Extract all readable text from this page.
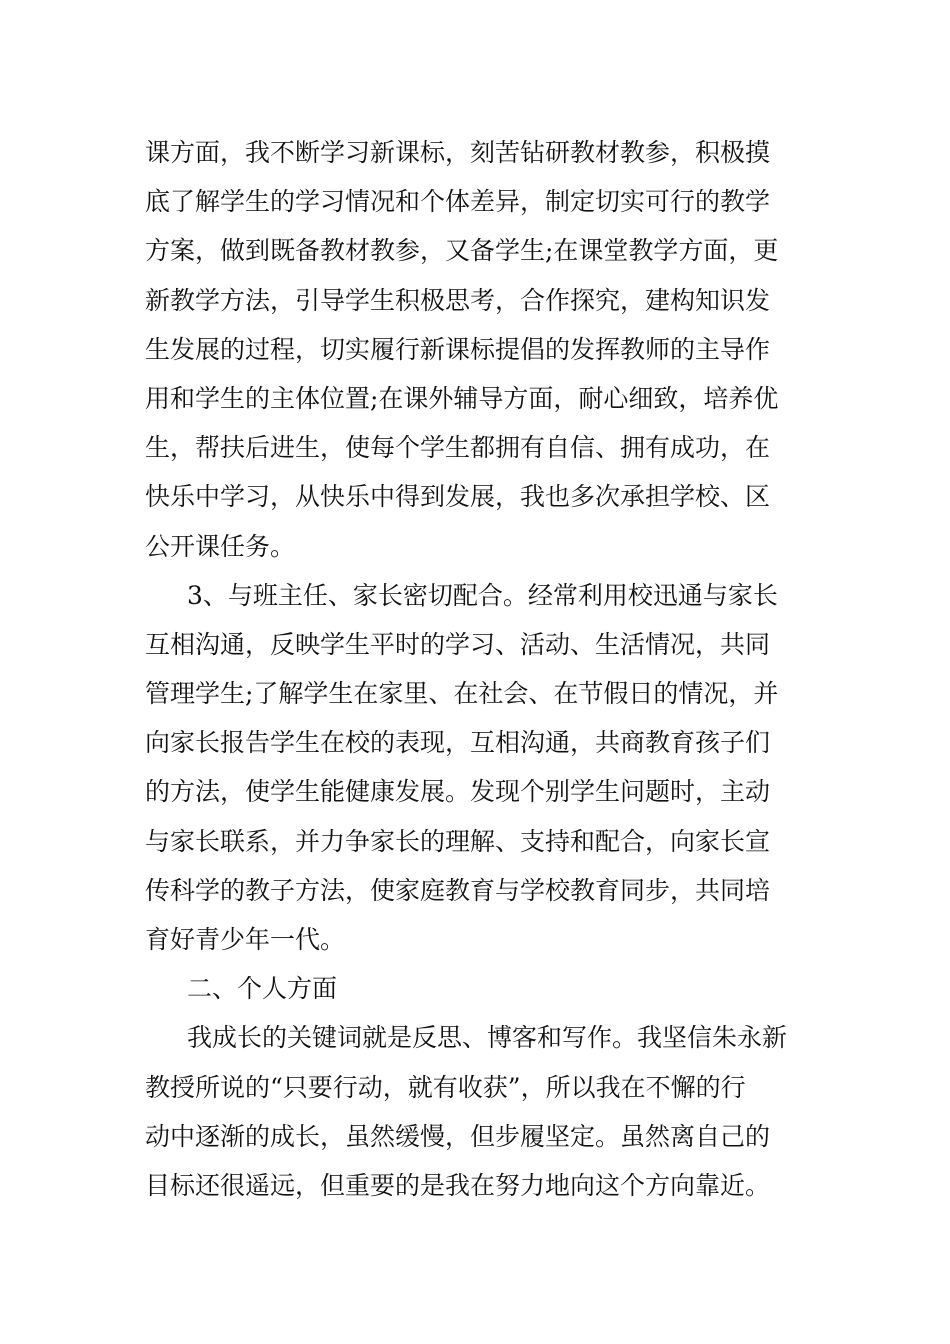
课方面，我不断学习新课标，刻苦钻研教材教参，积极摸
底了解学生的学习情况和个体差异，制定切实可行的教学
方案，做到既备教材教参，又备学生;在课堂教学方面，更
新教学方法，引导学生积极思考，合作探究，建构知识发
生发展的过程，切实履行新课标提倡的发挥教师的主导作
用和学生的主体位置;在课外辅导方面，耐心细致，培养优
生，帮扶后进生，使每个学生都拥有自信、拥有成功，在
快乐中学习，从快乐中得到发展，我也多次承担学校、区
公开课任务。
3、与班主任、家长密切配合。经常利用校迅通与家长
互相沟通，反映学生平时的学习、活动、生活情况，共同
管理学生;了解学生在家里、在社会、在节假日的情况，并
向家长报告学生在校的表现，互相沟通，共商教育孩子们
的方法，使学生能健康发展。发现个别学生问题时，主动
与家长联系，并力争家长的理解、支持和配合，向家长宣
传科学的教子方法，使家庭教育与学校教育同步，共同培
育好青少年一代。
二、个人方面
我成长的关键词就是反思、博客和写作。我坚信朱永新
教授所说的“只要行动，就有收获”，所以我在不懈的行
动中逐渐的成长，虽然缓慢，但步履坚定。虽然离自己的
目标还很遥远，但重要的是我在努力地向这个方向靠近。
